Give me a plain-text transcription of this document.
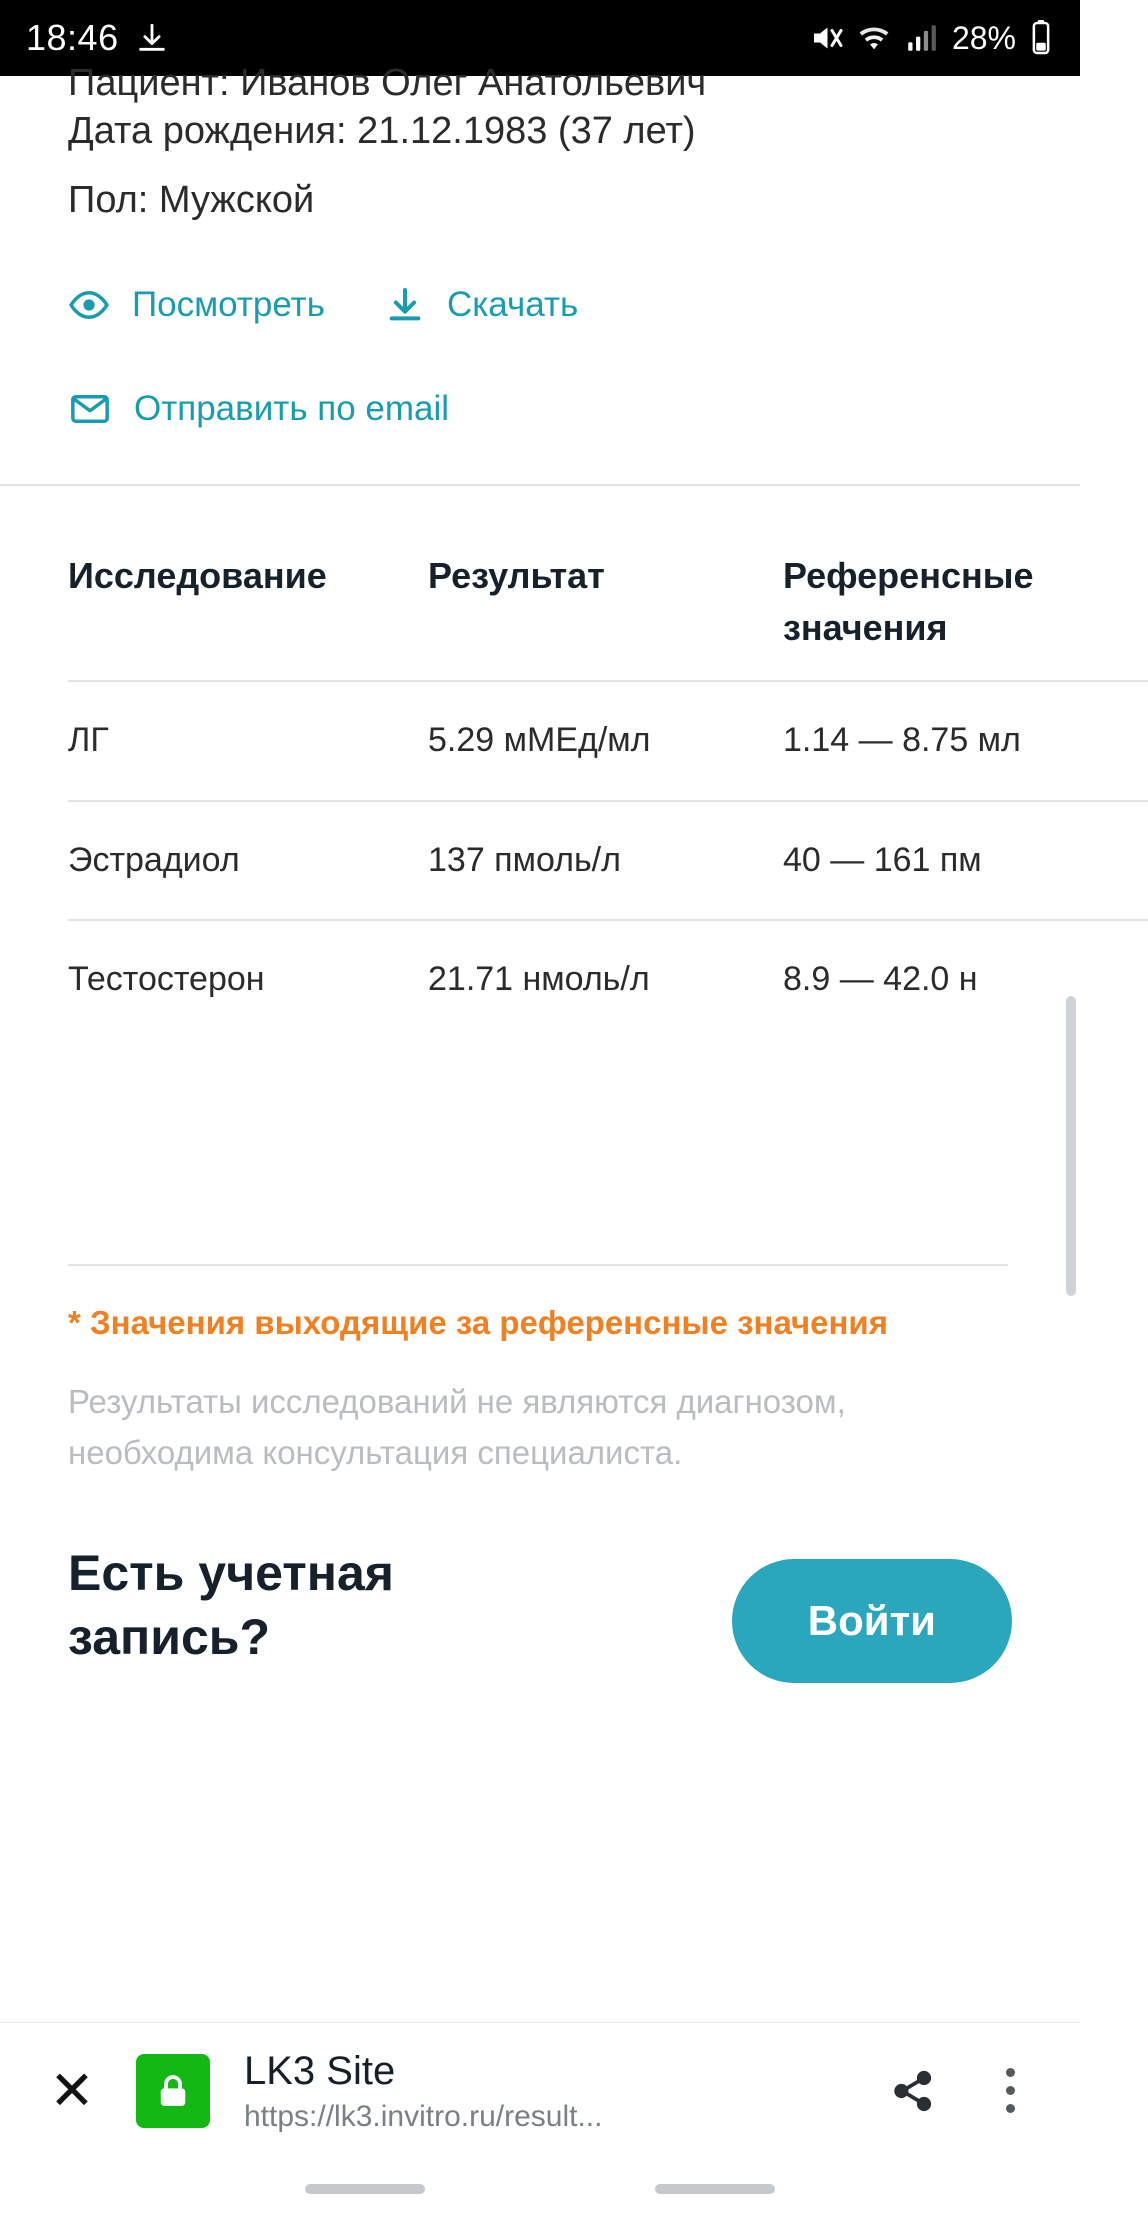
18:46	28%
Пациент: Иванов Олег Анатольевич
Дата рождения: 21.12.1983 (37 лет)
Пол: Мужской
Посмотреть	Скачать
Отправить по email
Исследование	Результат	Референсные значения
ЛГ	5.29 мМЕд/мл	1.14 — 8.75 мл
Эстрадиол	137 пмоль/л	40 — 161 пм
Тестостерон	21.71 нмоль/л	8.9 — 42.0 н
* Значения выходящие за референсные значения
Результаты исследований не являются диагнозом, необходима консультация специалиста.
Есть учетная запись?	Войти
✕	LK3 Site
https://lk3.invitro.ru/result...
